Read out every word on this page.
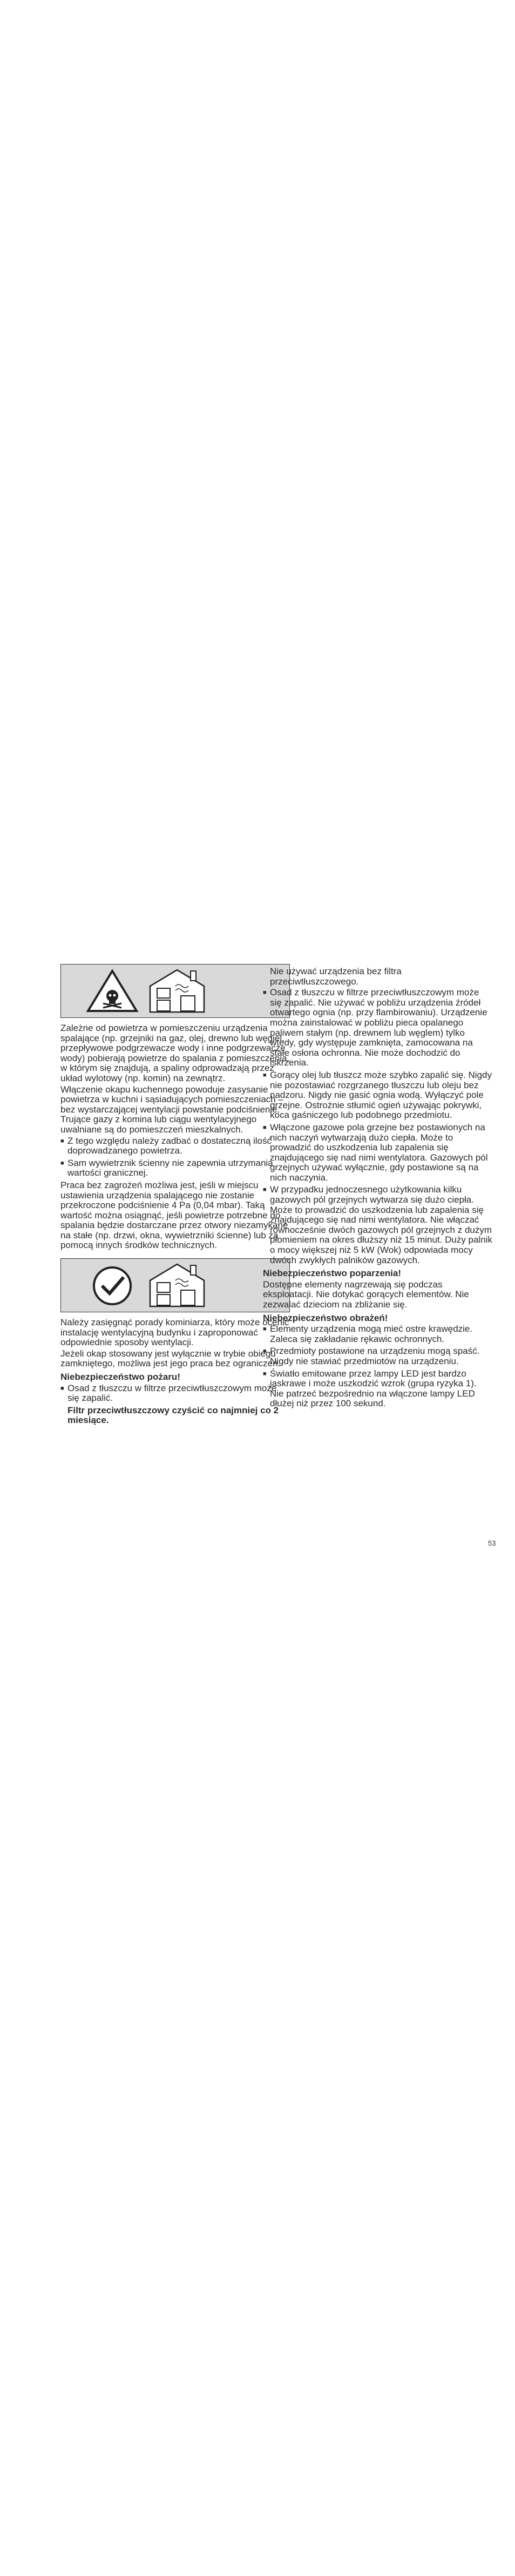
Zależne od powietrza w pomieszczeniu urządzenia spalające (np. grzejniki na gaz, olej, drewno lub węgiel, przepływowe podgrzewacze wody i inne podgrzewacze wody) pobierają powietrze do spalania z pomieszczenia, w którym się znajdują, a spaliny odprowadzają przez układ wylotowy (np. komin) na zewnątrz.

Włączenie okapu kuchennego powoduje zasysanie powietrza w kuchni i sąsiadujących pomieszczeniach – bez wystarczającej wentylacji powstanie podciśnienie. Trujące gazy z komina lub ciągu wentylacyjnego uwalniane są do pomieszczeń mieszkalnych.

■ Z tego względu należy zadbać o dostateczną ilość doprowadzanego powietrza.
■ Sam wywietrznik ścienny nie zapewnia utrzymania wartości granicznej.

Praca bez zagrożeń możliwa jest, jeśli w miejscu ustawienia urządzenia spalającego nie zostanie przekroczone podciśnienie 4 Pa (0,04 mbar). Taką wartość można osiągnąć, jeśli powietrze potrzebne do spalania będzie dostarczane przez otwory niezamykane na stałe (np. drzwi, okna, wywietrzniki ścienne) lub za pomocą innych środków technicznych.

Należy zasięgnąć porady kominiarza, który może ocenić instalację wentylacyjną budynku i zaproponować odpowiednie sposoby wentylacji.

Jeżeli okap stosowany jest wyłącznie w trybie obiegu zamkniętego, możliwa jest jego praca bez ograniczeń.

Niebezpieczeństwo pożaru!

■ Osad z tłuszczu w filtrze przeciwtłuszczowym może się zapalić.

Filtr przeciwtłuszczowy czyścić co najmniej co 2 miesiące.

Nie używać urządzenia bez filtra przeciwtłuszczowego.

■ Osad z tłuszczu w filtrze przeciwtłuszczowym może się zapalić. Nie używać w pobliżu urządzenia źródeł otwartego ognia (np. przy flambirowaniu). Urządzenie można zainstalować w pobliżu pieca opalanego paliwem stałym (np. drewnem lub węglem) tylko wtedy, gdy występuje zamknięta, zamocowana na stałe osłona ochronna. Nie może dochodzić do iskrzenia.
■ Gorący olej lub tłuszcz może szybko zapalić się. Nigdy nie pozostawiać rozgrzanego tłuszczu lub oleju bez nadzoru. Nigdy nie gasić ognia wodą. Wyłączyć pole grzejne. Ostrożnie stłumić ogień używając pokrywki, koca gaśniczego lub podobnego przedmiotu.
■ Włączone gazowe pola grzejne bez postawionych na nich naczyń wytwarzają dużo ciepła. Może to prowadzić do uszkodzenia lub zapalenia się znajdującego się nad nimi wentylatora. Gazowych pól grzejnych używać wyłącznie, gdy postawione są na nich naczynia.
■ W przypadku jednoczesnego użytkowania kilku gazowych pól grzejnych wytwarza się dużo ciepła. Może to prowadzić do uszkodzenia lub zapalenia się znajdującego się nad nimi wentylatora. Nie włączać równocześnie dwóch gazowych pól grzejnych z dużym płomieniem na okres dłuższy niż 15 minut. Duży palnik o mocy większej niż 5 kW (Wok) odpowiada mocy dwóch zwykłych palników gazowych.

Niebezpieczeństwo poparzenia!

Dostępne elementy nagrzewają się podczas eksploatacji. Nie dotykać gorących elementów. Nie zezwalać dzieciom na zbliżanie się.

Niebezpieczeństwo obrażeń!

■ Elementy urządzenia mogą mieć ostre krawędzie. Zaleca się zakładanie rękawic ochronnych.
■ Przedmioty postawione na urządzeniu mogą spaść. Nigdy nie stawiać przedmiotów na urządzeniu.
■ Światło emitowane przez lampy LED jest bardzo jaskrawe i może uszkodzić wzrok (grupa ryzyka 1). Nie patrzeć bezpośrednio na włączone lampy LED dłużej niż przez 100 sekund.
53
